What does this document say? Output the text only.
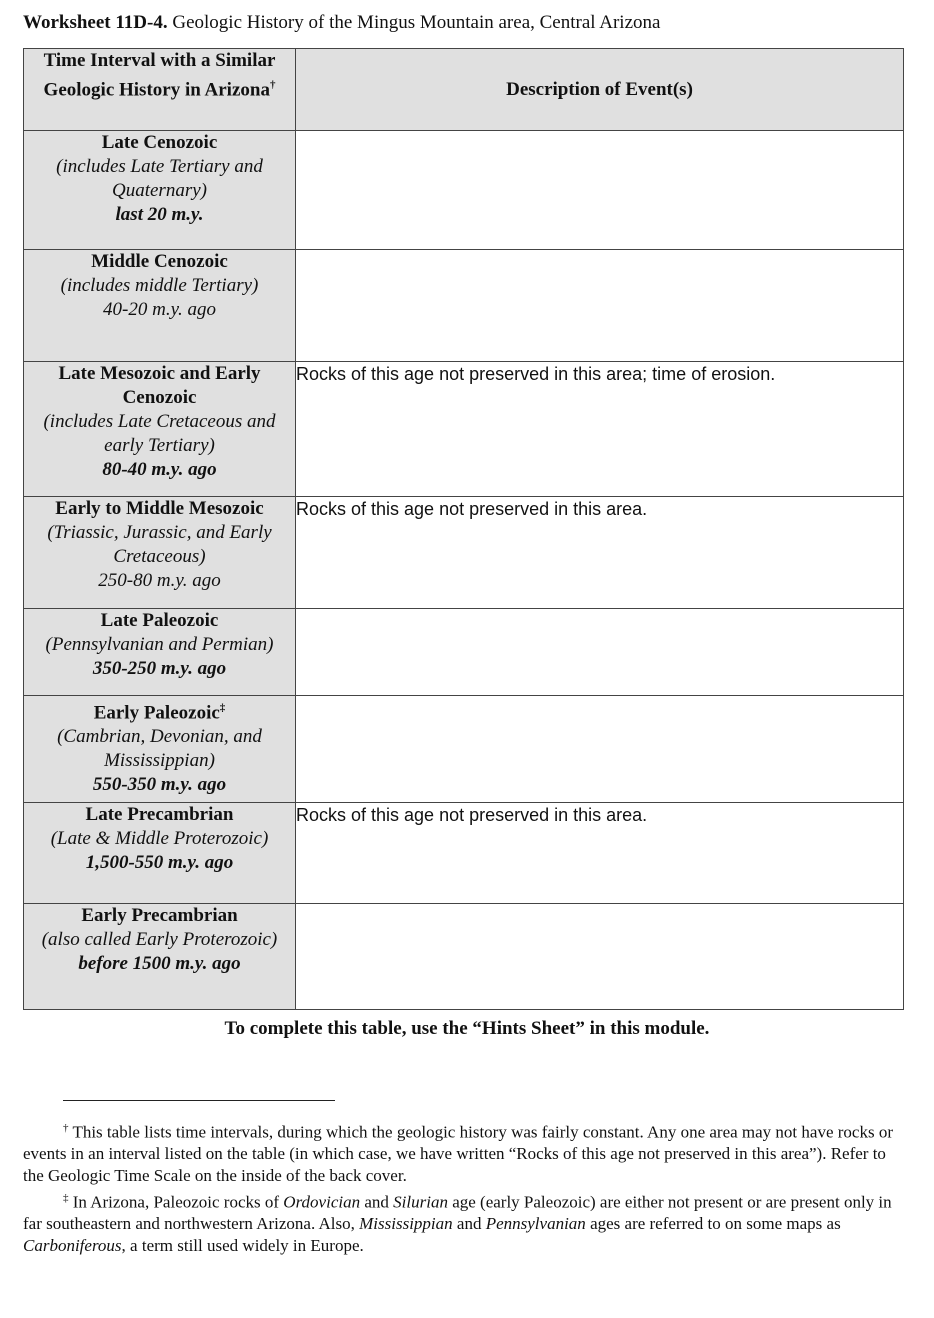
Worksheet 11D-4. Geologic History of the Mingus Mountain area, Central Arizona
Time Interval with a Similar Geologic History in Arizona†	Description of Event(s)

Late Cenozoic
(includes Late Tertiary and Quaternary)
last 20 m.y.	

Middle Cenozoic
(includes middle Tertiary)
40-20 m.y. ago	

Late Mesozoic and Early Cenozoic
(includes Late Cretaceous and early Tertiary)
80-40 m.y. ago	Rocks of this age not preserved in this area; time of erosion.

Early to Middle Mesozoic
(Triassic, Jurassic, and Early Cretaceous)
250-80 m.y. ago	Rocks of this age not preserved in this area.

Late Paleozoic
(Pennsylvanian and Permian)
350-250 m.y. ago	

Early Paleozoic‡
(Cambrian, Devonian, and Mississippian)
550-350 m.y. ago	

Late Precambrian
(Late & Middle Proterozoic)
1,500-550 m.y. ago	Rocks of this age not preserved in this area.

Early Precambrian
(also called Early Proterozoic)
before 1500 m.y. ago	

To complete this table, use the “Hints Sheet” in this module.
† This table lists time intervals, during which the geologic history was fairly constant. Any one area may not have rocks or events in an interval listed on the table (in which case, we have written “Rocks of this age not preserved in this area”). Refer to the Geologic Time Scale on the inside of the back cover.
‡ In Arizona, Paleozoic rocks of Ordovician and Silurian age (early Paleozoic) are either not present or are present only in far southeastern and northwestern Arizona. Also, Mississippian and Pennsylvanian ages are referred to on some maps as Carboniferous, a term still used widely in Europe.
